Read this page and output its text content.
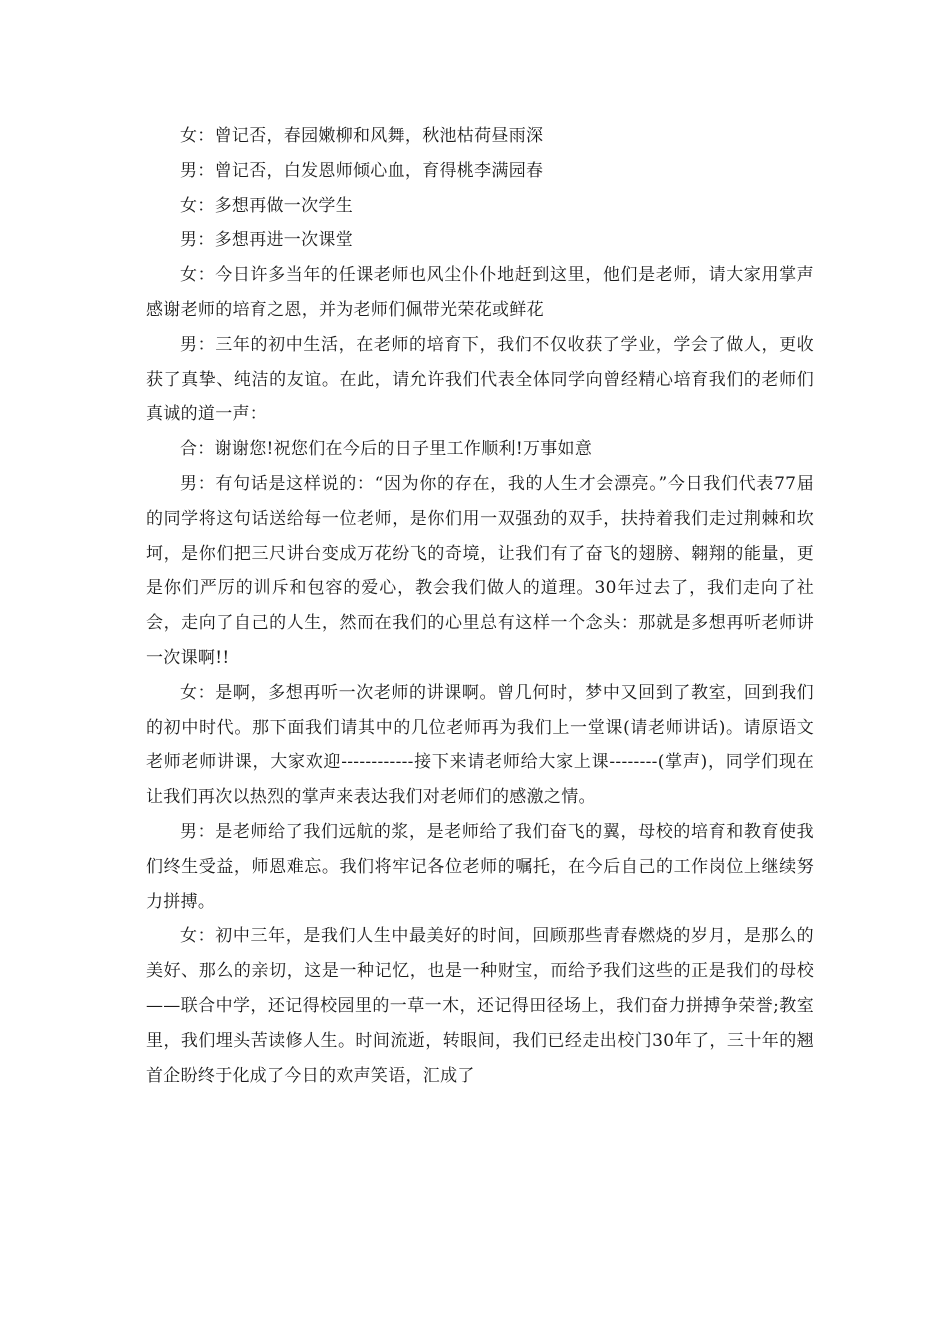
女：曾记否，春园嫩柳和风舞，秋池枯荷昼雨深

男：曾记否，白发恩师倾心血，育得桃李满园春

女：多想再做一次学生

男：多想再进一次课堂

女：今日许多当年的任课老师也风尘仆仆地赶到这里，他们是老师，请大家用掌声感谢老师的培育之恩，并为老师们佩带光荣花或鲜花

男：三年的初中生活，在老师的培育下，我们不仅收获了学业，学会了做人，更收获了真挚、纯洁的友谊。在此，请允许我们代表全体同学向曾经精心培育我们的老师们真诚的道一声：

合：谢谢您!祝您们在今后的日子里工作顺利!万事如意

男：有句话是这样说的：“因为你的存在，我的人生才会漂亮。”今日我们代表77届的同学将这句话送给每一位老师，是你们用一双强劲的双手，扶持着我们走过荆棘和坎坷，是你们把三尺讲台变成万花纷飞的奇境，让我们有了奋飞的翅膀、翱翔的能量，更是你们严厉的训斥和包容的爱心，教会我们做人的道理。30年过去了，我们走向了社会，走向了自己的人生，然而在我们的心里总有这样一个念头：那就是多想再听老师讲一次课啊!!

女：是啊，多想再听一次老师的讲课啊。曾几何时，梦中又回到了教室，回到我们的初中时代。那下面我们请其中的几位老师再为我们上一堂课(请老师讲话)。请原语文老师老师讲课，大家欢迎------------接下来请老师给大家上课--------(掌声)，同学们现在让我们再次以热烈的掌声来表达我们对老师们的感激之情。

男：是老师给了我们远航的浆，是老师给了我们奋飞的翼，母校的培育和教育使我们终生受益，师恩难忘。我们将牢记各位老师的嘱托，在今后自己的工作岗位上继续努力拼搏。

女：初中三年，是我们人生中最美好的时间，回顾那些青春燃烧的岁月，是那么的美好、那么的亲切，这是一种记忆，也是一种财宝，而给予我们这些的正是我们的母校——联合中学，还记得校园里的一草一木，还记得田径场上，我们奋力拼搏争荣誉;教室里，我们埋头苦读修人生。时间流逝，转眼间，我们已经走出校门30年了，三十年的翘首企盼终于化成了今日的欢声笑语，汇成了
